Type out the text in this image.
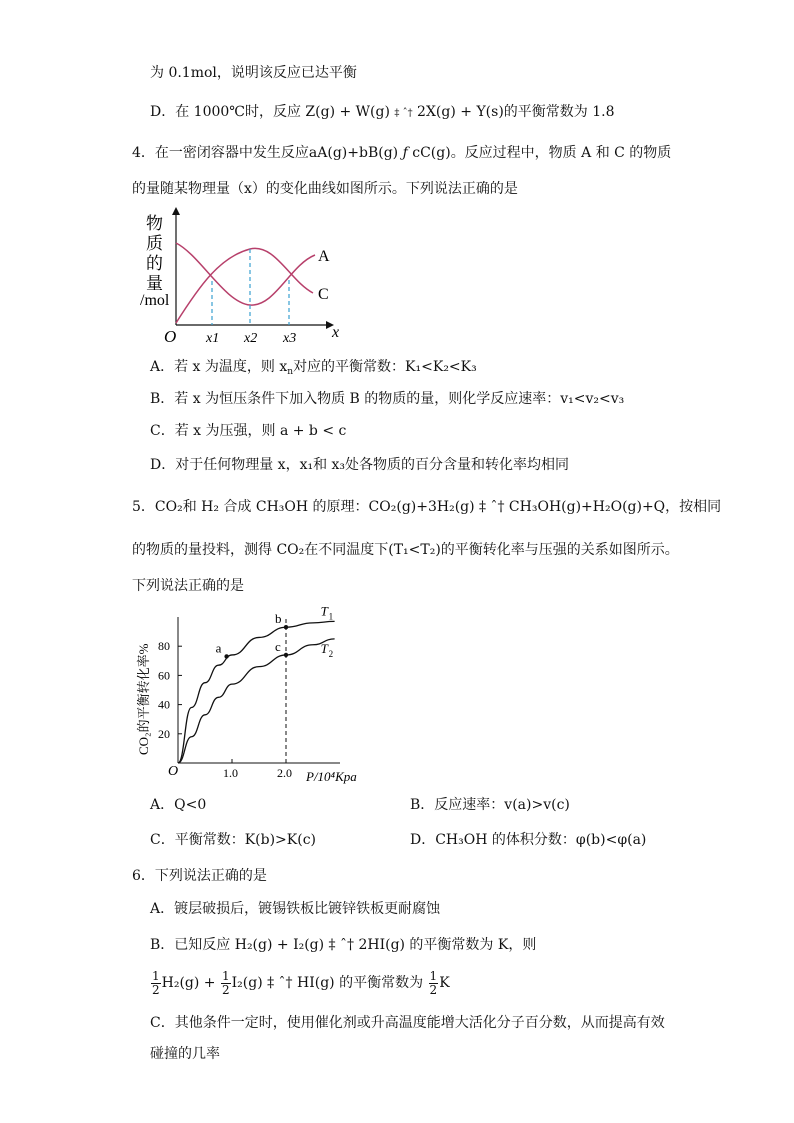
为 0.1mol，说明该反应已达平衡
D．在 1000℃时，反应 Z(g) + W(g) ‡ ˆ† 2X(g) + Y(s)的平衡常数为 1.8
4．在一密闭容器中发生反应aA(g)+bB(g) ƒ cC(g)。反应过程中，物质 A 和 C 的物质
的量随某物理量（x）的变化曲线如图所示。下列说法正确的是
物
质
的
量
/mol
O x1 x2 x3 x
A
C
A．若 x 为温度，则 $x_n$对应的平衡常数：K₁<K₂<K₃
B．若 x 为恒压条件下加入物质 B 的物质的量，则化学反应速率：v₁<v₂<v₃
C．若 x 为压强，则 a + b < c
D．对于任何物理量 x，x₁和 x₃处各物质的百分含量和转化率均相同
5．CO₂和 H₂ 合成 CH₃OH 的原理：CO₂(g)+3H₂(g) ‡ ˆ† CH₃OH(g)+H₂O(g)+Q，按相同
的物质的量投料，测得 CO₂在不同温度下(T₁<T₂)的平衡转化率与压强的关系如图所示。
下列说法正确的是
O	P/10⁴Kpa
CO₂的平衡转化率% 20
40
60
80
1.0	2.0
T 1
T 2
a
b
c
A．Q<0	B．反应速率：v(a)>v(c)
C．平衡常数：K(b)>K(c)	D．CH₃OH 的体积分数：φ(b)<φ(a)
6．下列说法正确的是
A．镀层破损后，镀锡铁板比镀锌铁板更耐腐蚀
B．已知反应 H₂(g) + I₂(g) ‡ ˆ† 2HI(g) 的平衡常数为 K，则
$\frac{1}{2} H_2(g) + \frac{1}{2} I_2(g)$ ‡ ˆ† HI(g) 的平衡常数为 $\frac{1}{2}$ K
C．其他条件一定时，使用催化剂或升高温度能增大活化分子百分数，从而提高有效
碰撞的几率
